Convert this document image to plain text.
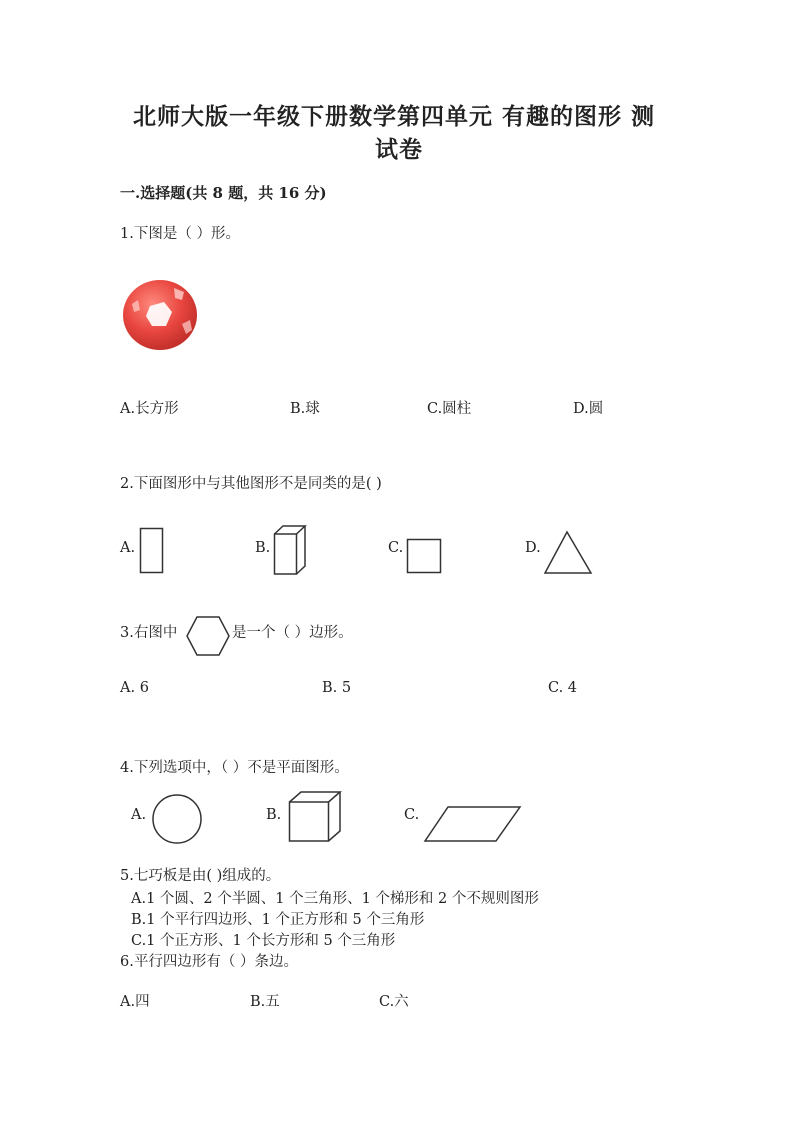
北师大版一年级下册数学第四单元 有趣的图形 测
试卷
一.选择题(共 8 题，共 16 分)
1.下图是（ ）形。
A.长方形	B.球	C.圆柱	D.圆
2.下面图形中与其他图形不是同类的是( )
A.	B.	C.	D.
3.右图中	是一个（ ）边形。
A. 6	B. 5	C. 4
4.下列选项中，（ ）不是平面图形。
A.	B.	C.
5.七巧板是由( )组成的。
A.1 个圆、2 个半圆、1 个三角形、1 个梯形和 2 个不规则图形
B.1 个平行四边形、1 个正方形和 5 个三角形
C.1 个正方形、1 个长方形和 5 个三角形
6.平行四边形有（ ）条边。
A.四	B.五	C.六
